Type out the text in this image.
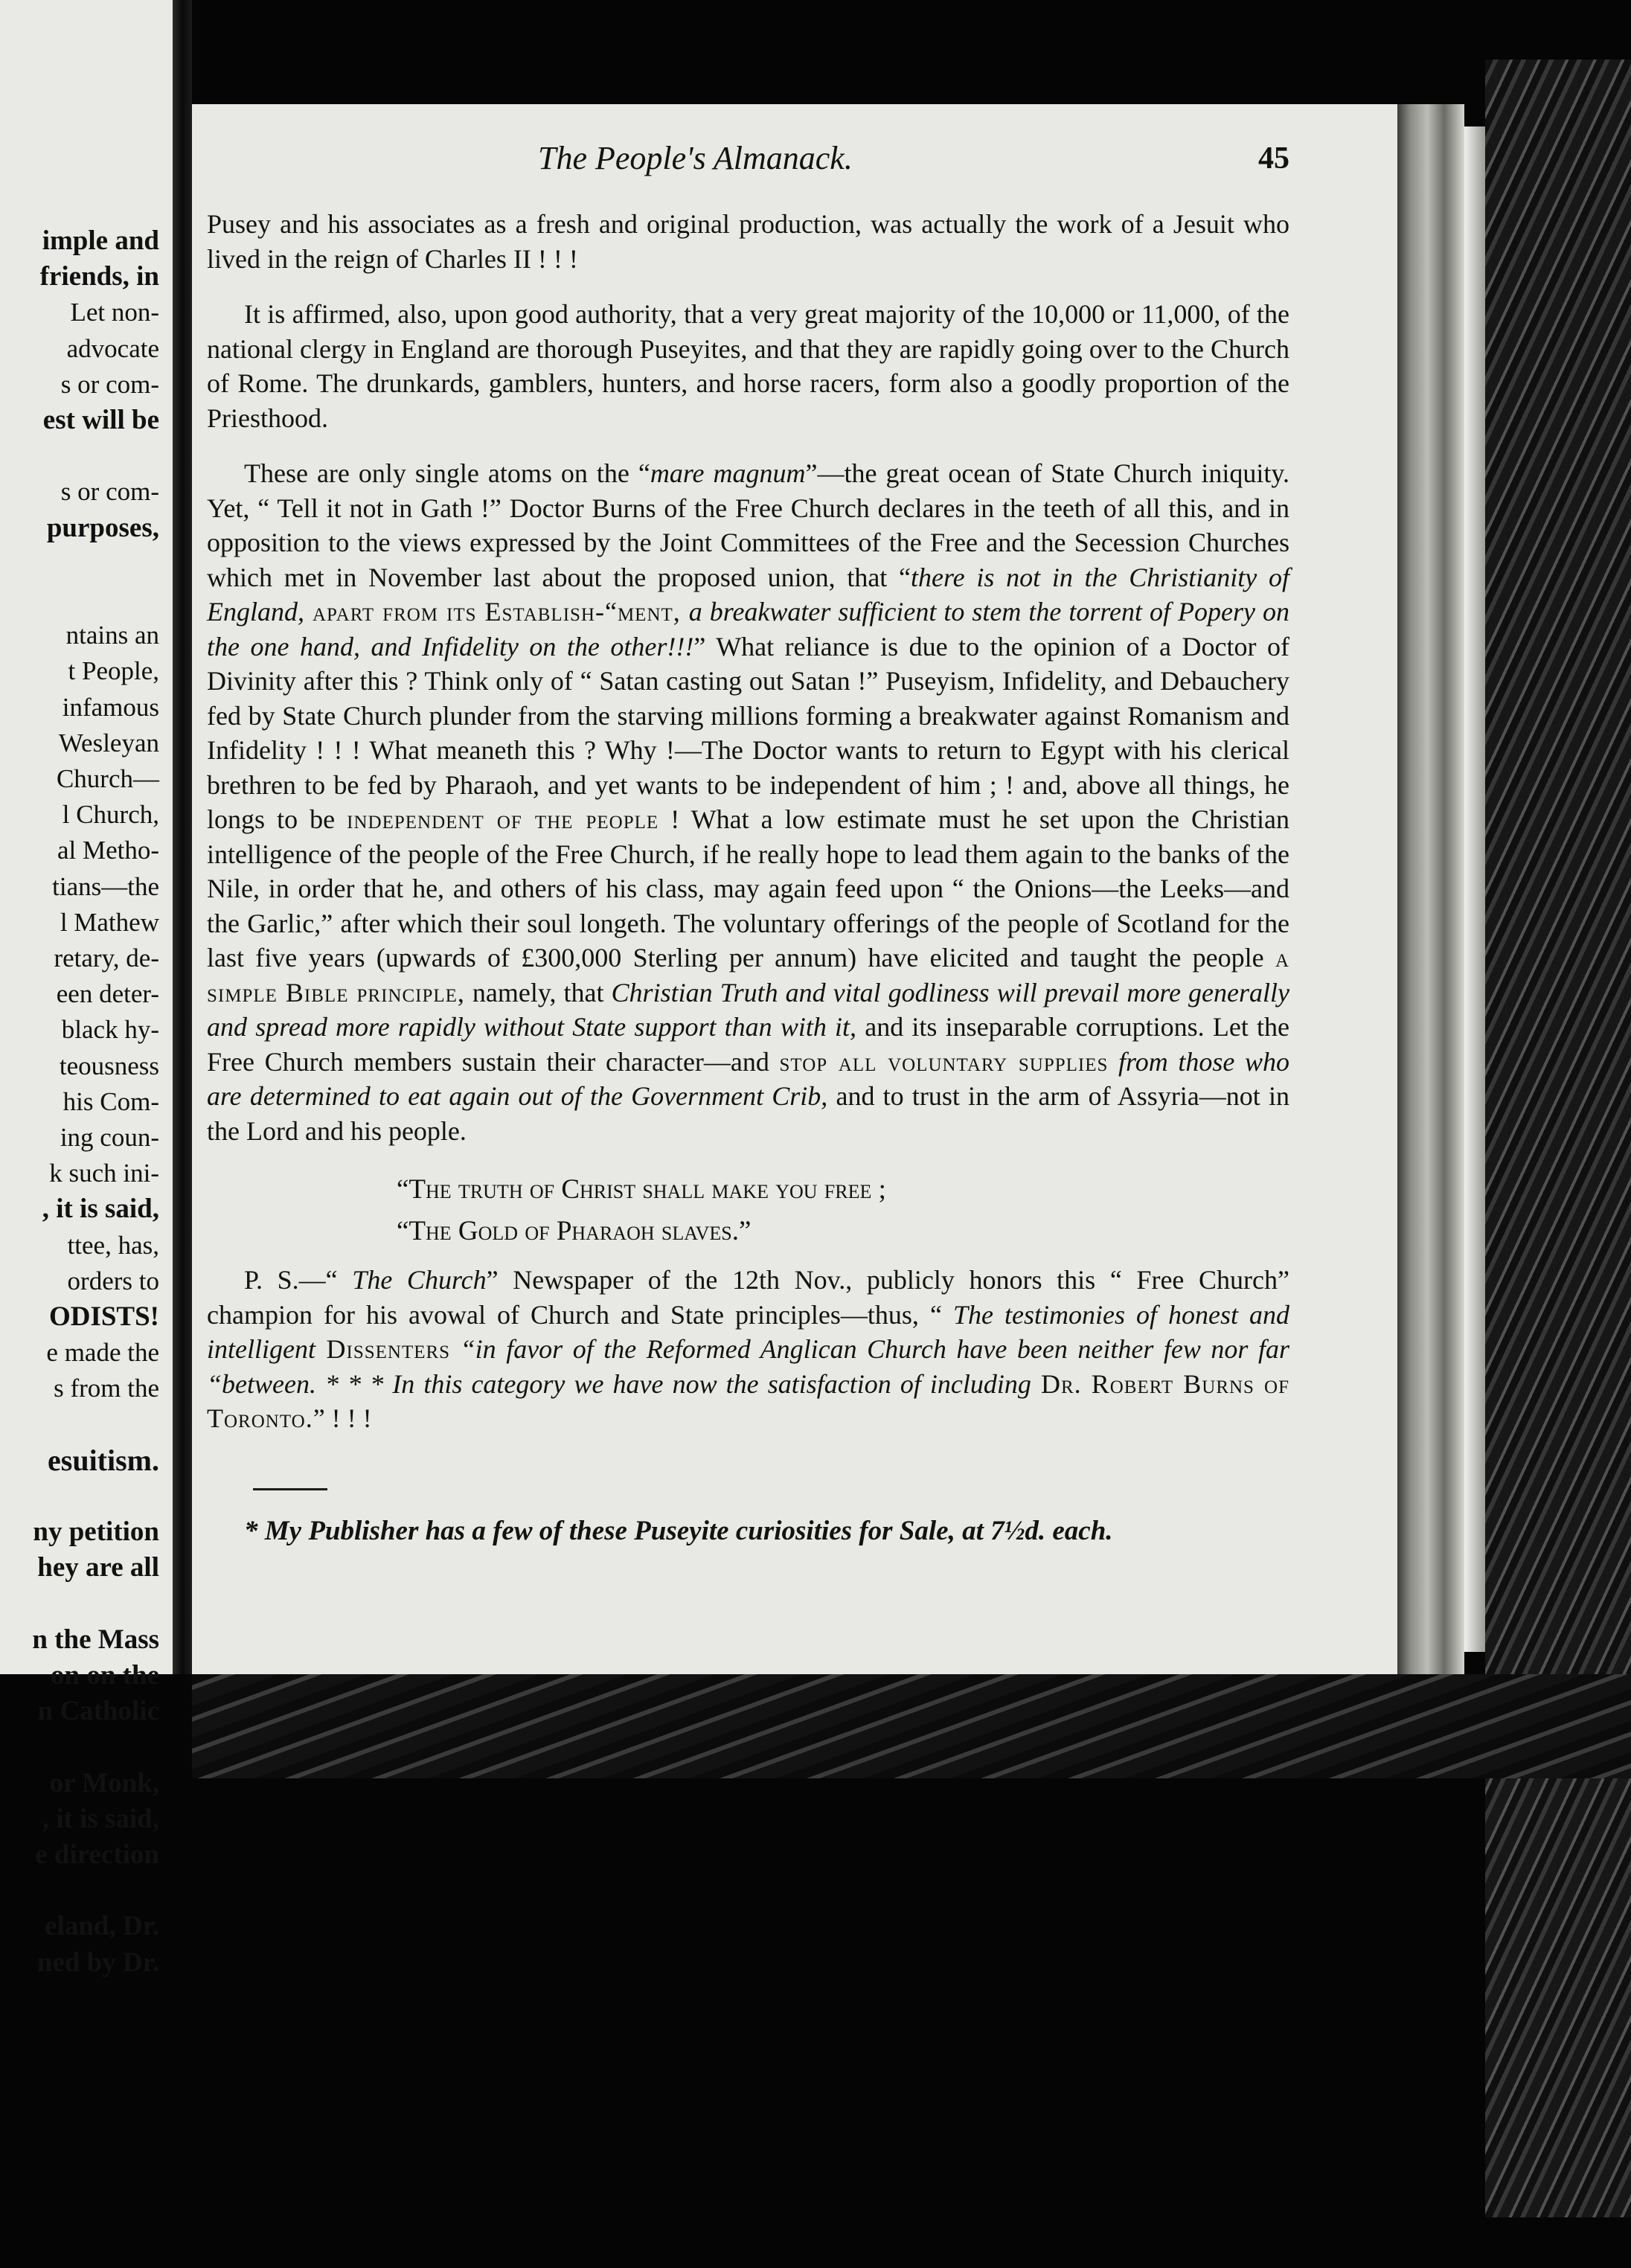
imple and
friends, in
Let non-
advocate
s or com-
est will be
s or com-
purposes,
ntains an
t People,
infamous
Wesleyan
Church—
l Church,
al Metho-
tians—the
l Mathew
retary, de-
een deter-
black hy-
teousness
his Com-
ing coun-
k such ini-
, it is said,
ttee, has,
orders to
ODISTS!
e made the
s from the
esuitism.
ny petition
hey are all
n the Mass
on on the
n Catholic
or Monk,
, it is said,
e direction
eland, Dr.
ned by Dr.
The People's Almanack.	45

Pusey and his associates as a fresh and original production, was actually the work of a Jesuit who lived in the reign of Charles II ! ! !

It is affirmed, also, upon good authority, that a very great majority of the 10,000 or 11,000, of the national clergy in England are thorough Puseyites, and that they are rapidly going over to the Church of Rome. The drunkards, gamblers, hunters, and horse racers, form also a goodly proportion of the Priesthood.

These are only single atoms on the “mare magnum”—the great ocean of State Church iniquity. Yet, “ Tell it not in Gath !” Doctor Burns of the Free Church declares in the teeth of all this, and in opposition to the views expressed by the Joint Committees of the Free and the Secession Churches which met in November last about the proposed union, that “there is not in the Christianity of England, apart from its Establish-“ment, a breakwater sufficient to stem the torrent of Popery on the one hand, and Infidelity on the other!!!” What reliance is due to the opinion of a Doctor of Divinity after this ? Think only of “ Satan casting out Satan !” Puseyism, Infidelity, and Debauchery fed by State Church plunder from the starving millions forming a breakwater against Romanism and Infidelity ! ! ! What meaneth this ? Why !—The Doctor wants to return to Egypt with his clerical brethren to be fed by Pharaoh, and yet wants to be independent of him ; ! and, above all things, he longs to be independent of the people ! What a low estimate must he set upon the Christian intelligence of the people of the Free Church, if he really hope to lead them again to the banks of the Nile, in order that he, and others of his class, may again feed upon “ the Onions—the Leeks—and the Garlic,” after which their soul longeth. The voluntary offerings of the people of Scotland for the last five years (upwards of £300,000 Sterling per annum) have elicited and taught the people a simple Bible principle, namely, that Christian Truth and vital godliness will prevail more generally and spread more rapidly without State support than with it, and its inseparable corruptions. Let the Free Church members sustain their character—and stop all voluntary supplies from those who are determined to eat again out of the Government Crib, and to trust in the arm of Assyria—not in the Lord and his people.

“The truth of Christ shall make you free ;
“The Gold of Pharaoh slaves.”

P. S.—“ The Church” Newspaper of the 12th Nov., publicly honors this “ Free Church” champion for his avowal of Church and State principles—thus, “ The testimonies of honest and intelligent Dissenters “in favor of the Reformed Anglican Church have been neither few nor far “between. * * * In this category we have now the satisfaction of including Dr. Robert Burns of Toronto.” ! ! !

* My Publisher has a few of these Puseyite curiosities for Sale, at 7½d. each.
